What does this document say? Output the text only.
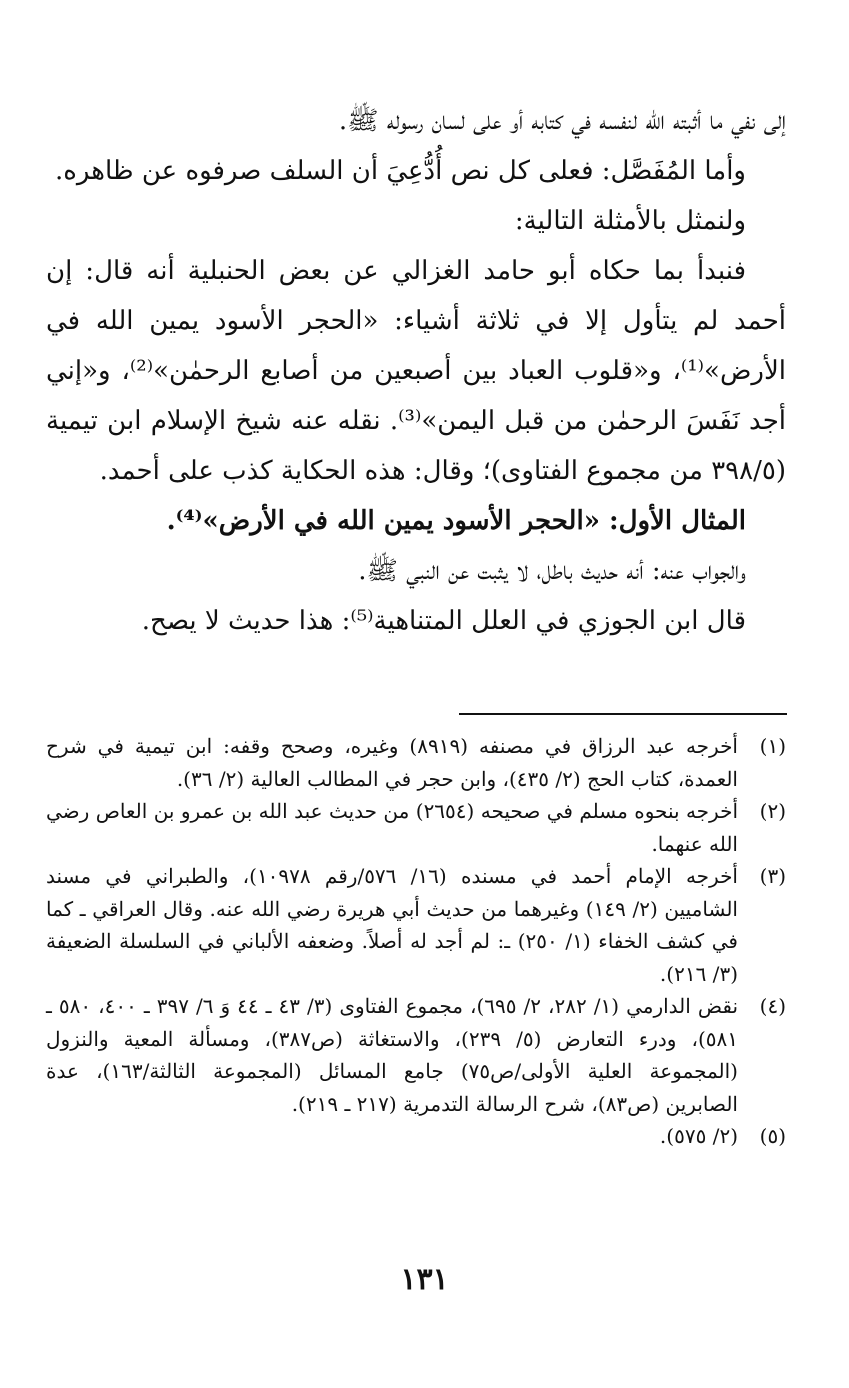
إلى نفي ما أثبته الله لنفسه في كتابه أو على لسان رسوله ﷺ.

وأما المُفَصَّل: فعلى كل نص أُدُّعِيَ أن السلف صرفوه عن ظاهره.

ولنمثل بالأمثلة التالية:

فنبدأ بما حكاه أبو حامد الغزالي عن بعض الحنبلية أنه قال: إن أحمد لم يتأول إلا في ثلاثة أشياء: «الحجر الأسود يمين الله في الأرض»⁽¹⁾، و«قلوب العباد بين أصبعين من أصابع الرحمٰن»⁽²⁾، و«إني أجد نَفَسَ الرحمٰن من قبل اليمن»⁽³⁾. نقله عنه شيخ الإسلام ابن تيمية (٣٩٨/٥ من مجموع الفتاوى)؛ وقال: هذه الحكاية كذب على أحمد.

المثال الأول: «الحجر الأسود يمين الله في الأرض»⁽⁴⁾.

والجواب عنه: أنه حديث باطل، لا يثبت عن النبي ﷺ.

قال ابن الجوزي في العلل المتناهية⁽⁵⁾: هذا حديث لا يصح.

(١)
أخرجه عبد الرزاق في مصنفه (٨٩١٩) وغيره، وصحح وقفه: ابن تيمية في شرح العمدة، كتاب الحج (٢/ ٤٣٥)، وابن حجر في المطالب العالية (٢/ ٣٦).
(٢)
أخرجه بنحوه مسلم في صحيحه (٢٦٥٤) من حديث عبد الله بن عمرو بن العاص رضي الله عنهما.
(٣)
أخرجه الإمام أحمد في مسنده (١٦/ ٥٧٦/رقم ١٠٩٧٨)، والطبراني في مسند الشاميين (٢/ ١٤٩) وغيرهما من حديث أبي هريرة رضي الله عنه. وقال العراقي ـ كما في كشف الخفاء (١/ ٢٥٠) ـ: لم أجد له أصلاً. وضعفه الألباني في السلسلة الضعيفة (٣/ ٢١٦).
(٤)
نقض الدارمي (١/ ٢٨٢، ٢/ ٦٩٥)، مجموع الفتاوى (٣/ ٤٣ ـ ٤٤ وَ ٦/ ٣٩٧ ـ ٤٠٠، ٥٨٠ ـ ٥٨١)، ودرء التعارض (٥/ ٢٣٩)، والاستغاثة (ص٣٨٧)، ومسألة المعية والنزول (المجموعة العلية الأولى/ص٧٥) جامع المسائل (المجموعة الثالثة/١٦٣)، عدة الصابرين (ص٨٣)، شرح الرسالة التدمرية (٢١٧ ـ ٢١٩).
(٥)
(٢/ ٥٧٥).
١٣١
